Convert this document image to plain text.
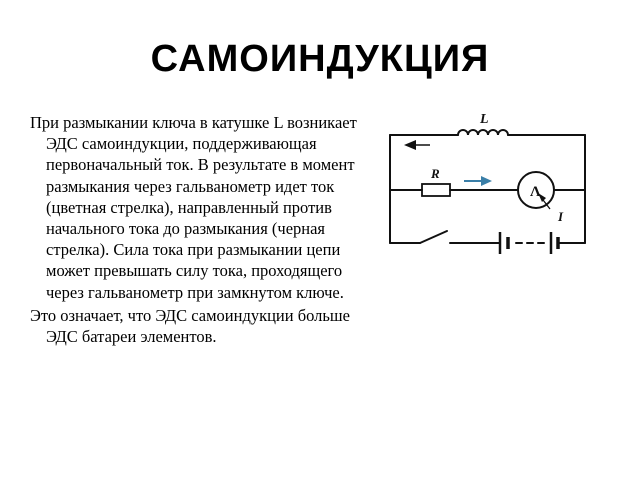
САМОИНДУКЦИЯ

При размыкании ключа в катушке L возникает ЭДС самоиндукции, поддерживающая первоначальный ток. В результате в момент размыкания через гальванометр идет ток (цветная стрелка), направленный против начального тока до размыкания (черная стрелка). Сила тока при размыкании цепи может превышать силу тока, проходящего через гальванометр при замкнутом ключе.

Это означает, что ЭДС самоиндукции больше ЭДС батареи элементов.

L
R
Λ
I
